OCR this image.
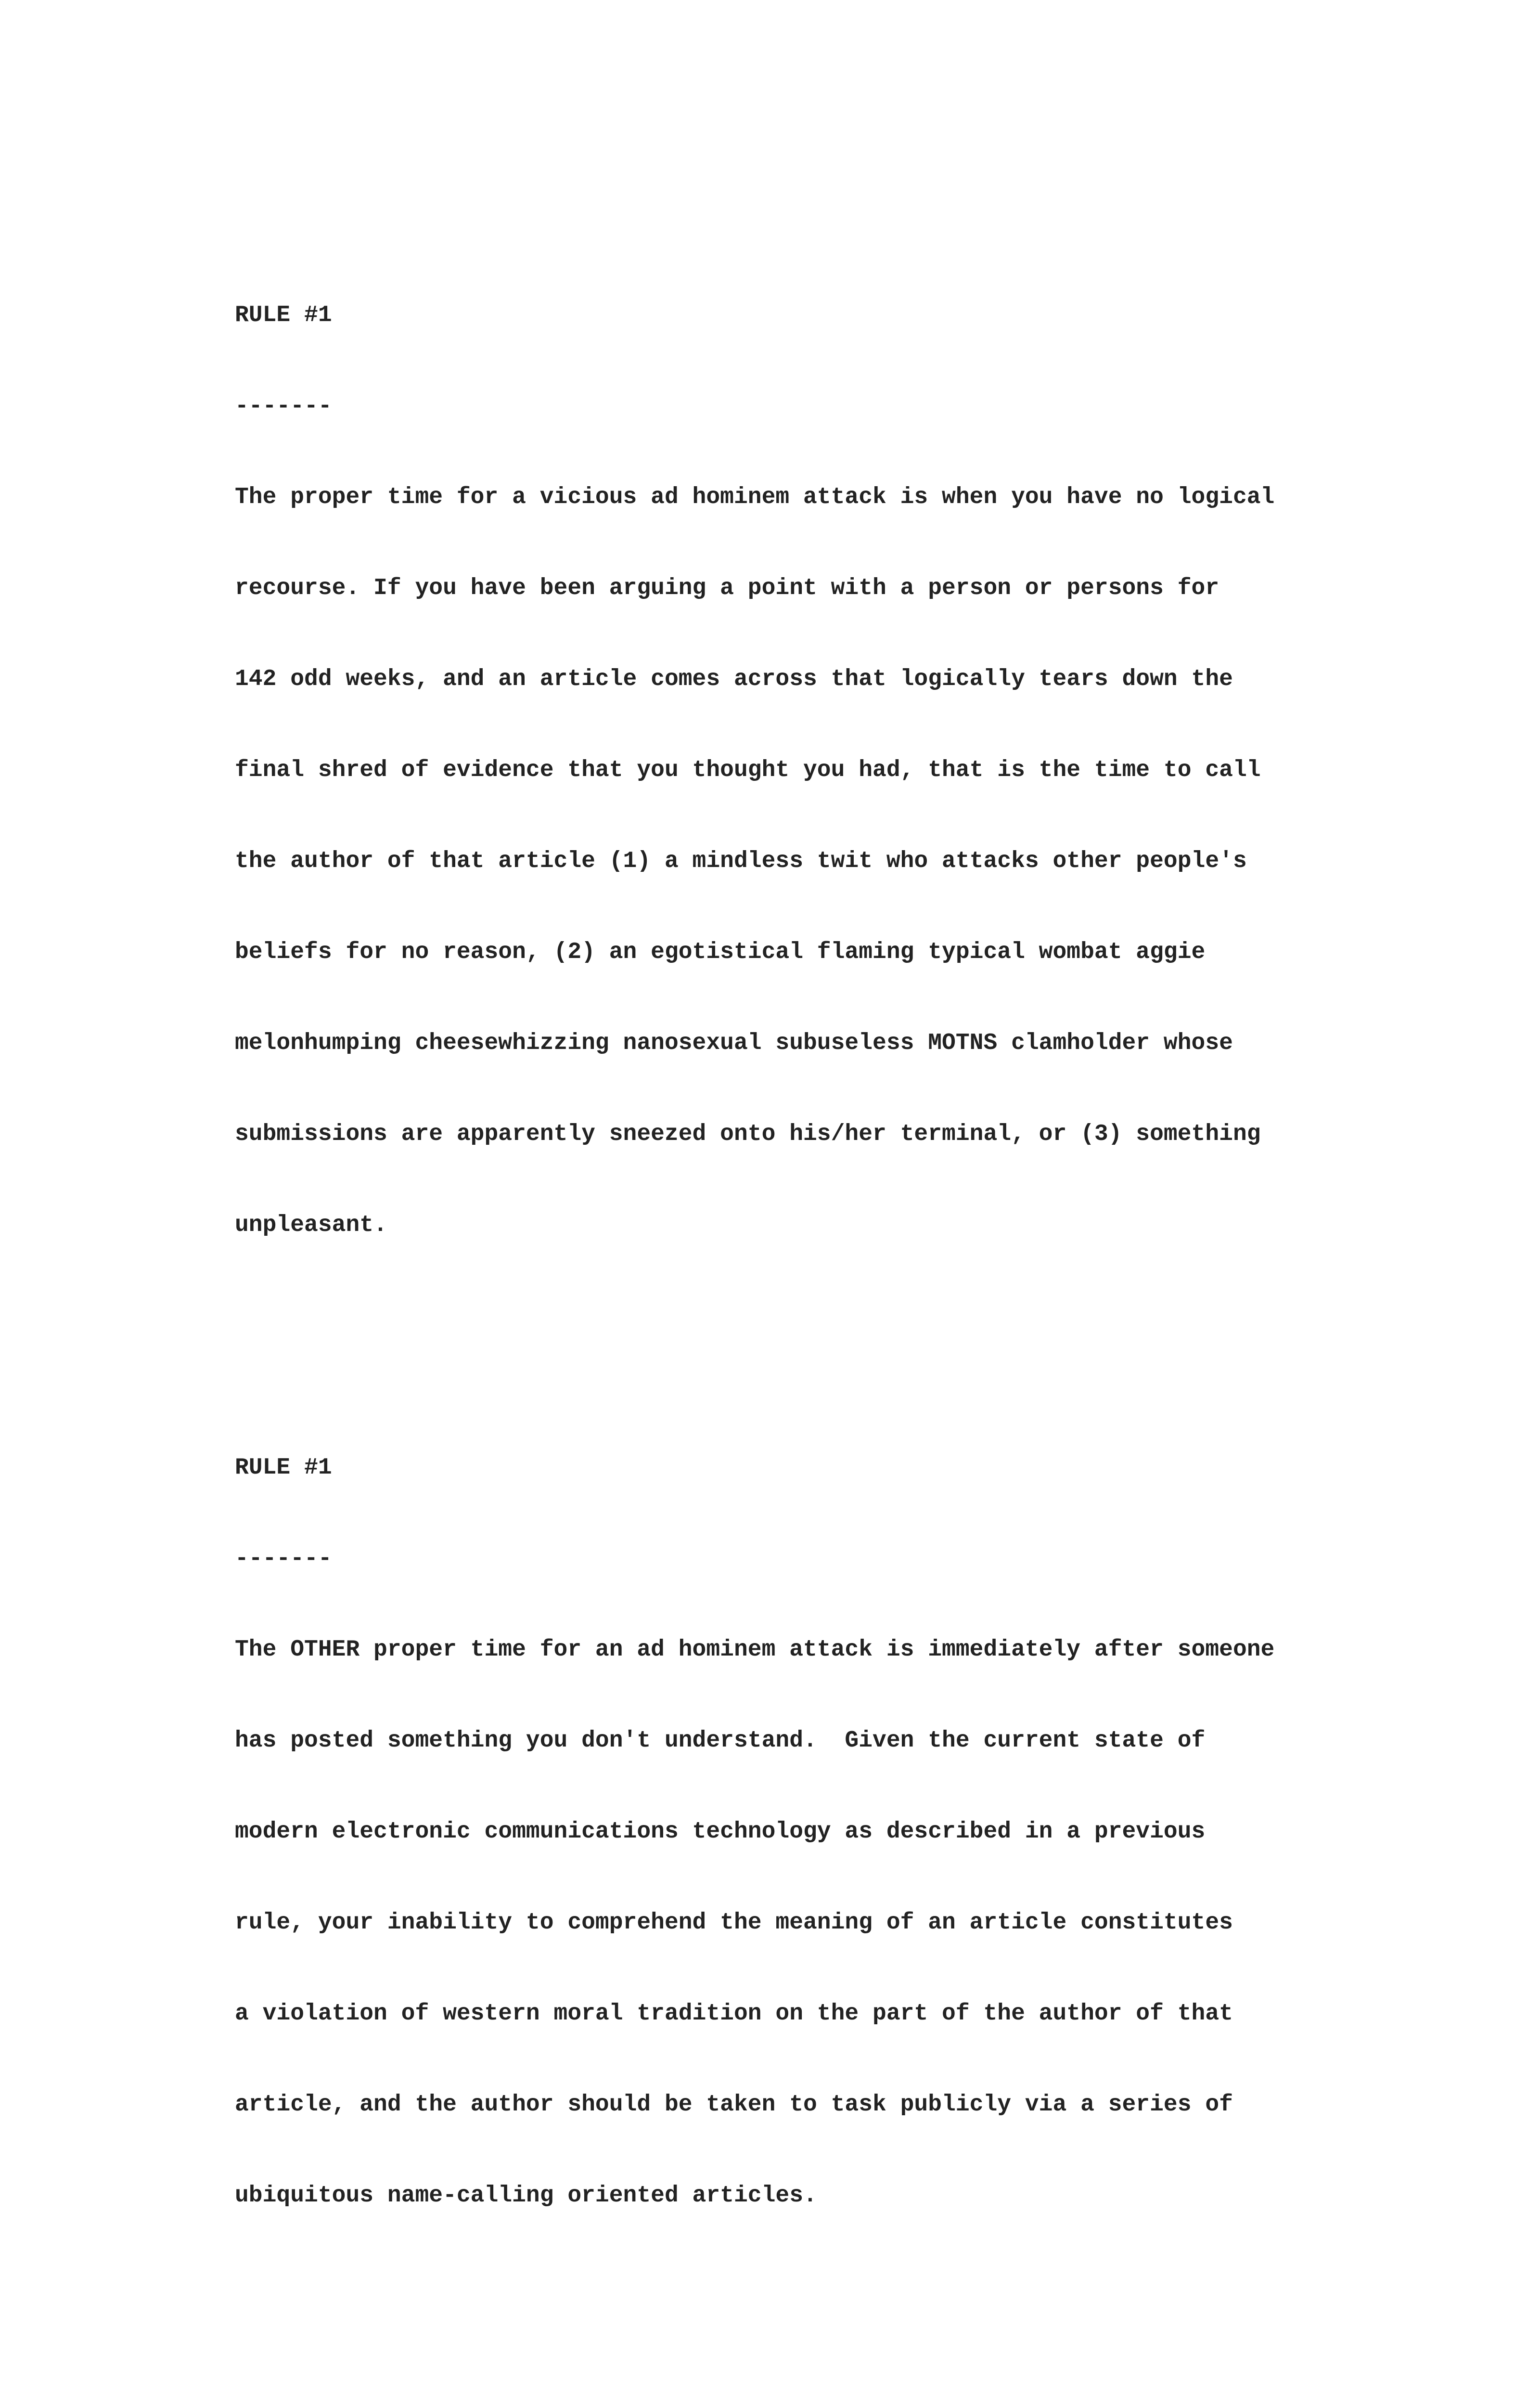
RULE #1

-------

The proper time for a vicious ad hominem attack is when you have no logical

recourse. If you have been arguing a point with a person or persons for

142 odd weeks, and an article comes across that logically tears down the

final shred of evidence that you thought you had, that is the time to call

the author of that article (1) a mindless twit who attacks other people's

beliefs for no reason, (2) an egotistical flaming typical wombat aggie

melonhumping cheesewhizzing nanosexual subuseless MOTNS clamholder whose

submissions are apparently sneezed onto his/her terminal, or (3) something

unpleasant.

RULE #1

-------

The OTHER proper time for an ad hominem attack is immediately after someone

has posted something you don't understand.  Given the current state of

modern electronic communications technology as described in a previous

rule, your inability to comprehend the meaning of an article constitutes

a violation of western moral tradition on the part of the author of that

article, and the author should be taken to task publicly via a series of

ubiquitous name-calling oriented articles.
